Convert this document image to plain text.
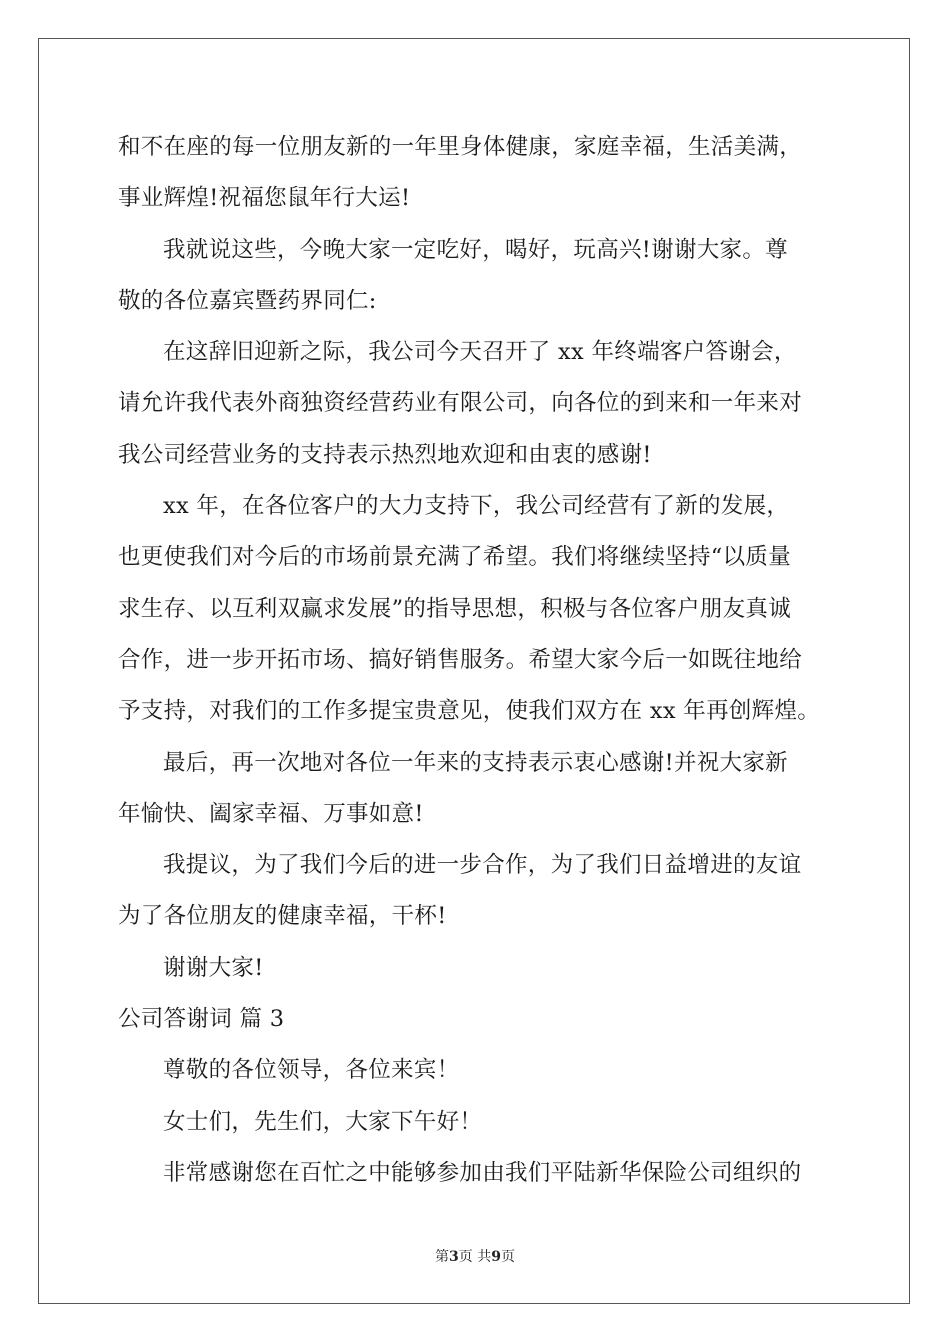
和不在座的每一位朋友新的一年里身体健康，家庭幸福，生活美满，
事业辉煌!祝福您鼠年行大运!
我就说这些，今晚大家一定吃好，喝好，玩高兴!谢谢大家。尊
敬的各位嘉宾暨药界同仁:
在这辞旧迎新之际，我公司今天召开了 xx 年终端客户答谢会，
请允许我代表外商独资经营药业有限公司，向各位的到来和一年来对
我公司经营业务的支持表示热烈地欢迎和由衷的感谢!
xx 年，在各位客户的大力支持下，我公司经营有了新的发展，
也更使我们对今后的市场前景充满了希望。我们将继续坚持“以质量
求生存、以互利双赢求发展”的指导思想，积极与各位客户朋友真诚
合作，进一步开拓市场、搞好销售服务。希望大家今后一如既往地给
予支持，对我们的工作多提宝贵意见，使我们双方在 xx 年再创辉煌。
最后，再一次地对各位一年来的支持表示衷心感谢!并祝大家新
年愉快、阖家幸福、万事如意!
我提议，为了我们今后的进一步合作，为了我们日益增进的友谊
为了各位朋友的健康幸福，干杯!
谢谢大家!
公司答谢词 篇 3
尊敬的各位领导，各位来宾！
女士们，先生们，大家下午好！
非常感谢您在百忙之中能够参加由我们平陆新华保险公司组织的
第3页 共9页
